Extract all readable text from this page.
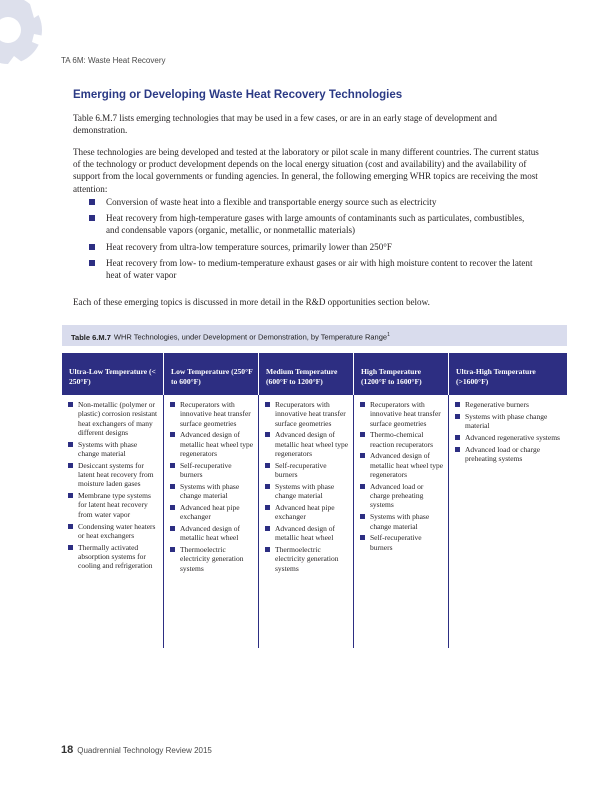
TA 6M: Waste Heat Recovery
Emerging or Developing Waste Heat Recovery Technologies

Table 6.M.7 lists emerging technologies that may be used in a few cases, or are in an early stage of development and demonstration.

These technologies are being developed and tested at the laboratory or pilot scale in many different countries. The current status of the technology or product development depends on the local energy situation (cost and availability) and the availability of support from the local governments or funding agencies. In general, the following emerging WHR topics are receiving the most attention:

Conversion of waste heat into a flexible and transportable energy source such as electricity
Heat recovery from high-temperature gases with large amounts of contaminants such as particulates, combustibles, and condensable vapors (organic, metallic, or nonmetallic materials)
Heat recovery from ultra-low temperature sources, primarily lower than 250°F
Heat recovery from low- to medium-temperature exhaust gases or air with high moisture content to recover the latent heat of water vapor

Each of these emerging topics is discussed in more detail in the R&D opportunities section below.

Table 6.M.7 WHR Technologies, under Development or Demonstration, by Temperature Range$^1$
Ultra-Low Temperature (< 250°F)
Low Temperature (250°F to 600°F)
Medium Temperature (600°F to 1200°F)
High Temperature (1200°F to 1600°F)
Ultra-High Temperature (>1600°F)
Non-metallic (polymer or plastic) corrosion resistant heat exchangers of many different designs
Systems with phase change material
Desiccant systems for latent heat recovery from moisture laden gases
Membrane type systems for latent heat recovery from water vapor
Condensing water heaters or heat exchangers
Thermally activated absorption systems for cooling and refrigeration
Recuperators with innovative heat transfer surface geometries
Advanced design of metallic heat wheel type regenerators
Self-recuperative burners
Systems with phase change material
Advanced heat pipe exchanger
Advanced design of metallic heat wheel
Thermoelectric electricity generation systems
Recuperators with innovative heat transfer surface geometries
Advanced design of metallic heat wheel type regenerators
Self-recuperative burners
Systems with phase change material
Advanced heat pipe exchanger
Advanced design of metallic heat wheel
Thermoelectric electricity generation systems
Recuperators with innovative heat transfer surface geometries
Thermo-chemical reaction recuperators
Advanced design of metallic heat wheel type regenerators
Advanced load or charge preheating systems
Systems with phase change material
Self-recuperative burners
Regenerative burners
Systems with phase change material
Advanced regenerative systems
Advanced load or charge preheating systems
18 Quadrennial Technology Review 2015
